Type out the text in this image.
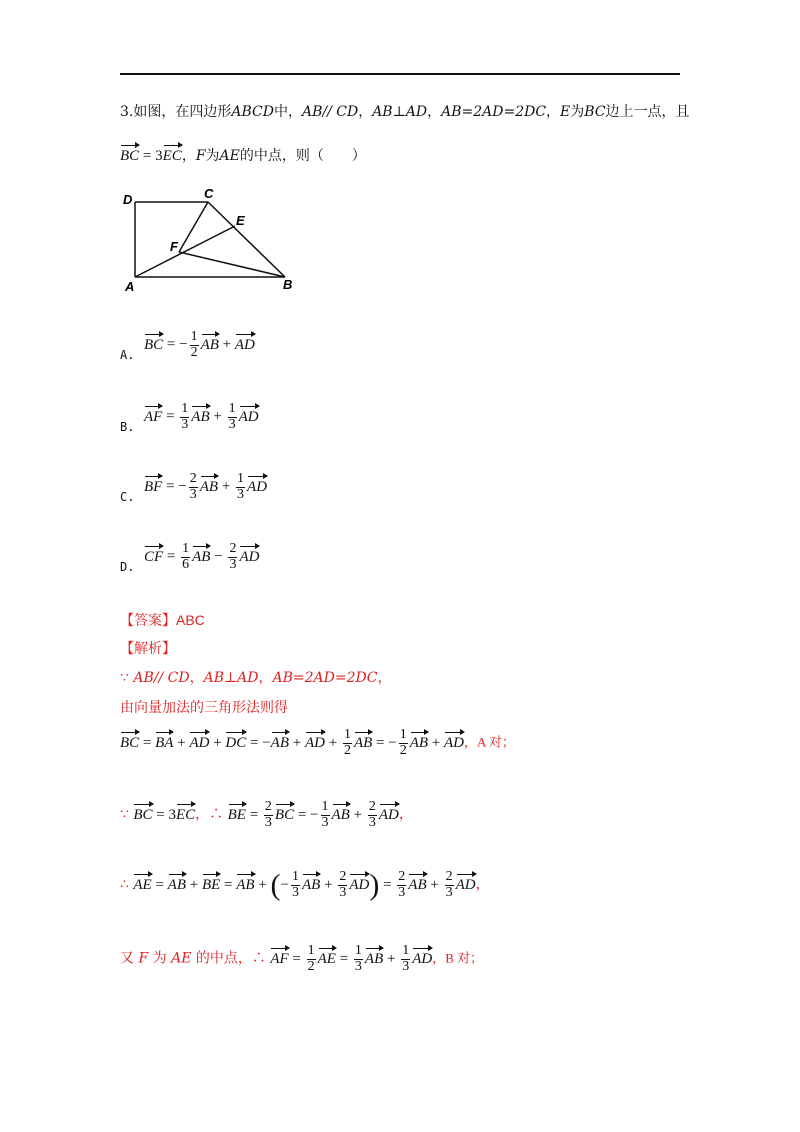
3.如图，在四边形ABCD中，AB// CD，AB⊥AD，AB=2AD=2DC，E为BC边上一点，且
BC = 3EC，F为AE的中点，则（　　）
D	C
E
F
A	B
A.
BC = − $\frac{1}{2}$ AB + AD
B.
AF = $\frac{1}{3}$ AB + $\frac{1}{3}$ AD
C.
BF = − $\frac{2}{3}$ AB + $\frac{1}{3}$ AD
D.
CF = $\frac{1}{6}$ AB − $\frac{2}{3}$ AD
【答案】ABC
【解析】
∵ AB// CD，AB⊥AD，AB=2AD=2DC，
由向量加法的三角形法则得
BC = BA + AD + DC = −AB + AD + $\frac{1}{2}$ AB = − $\frac{1}{2}$ AB + AD，A 对；
∵ BC = 3EC，∴ BE = $\frac{2}{3}$ BC = − $\frac{1}{3}$ AB + $\frac{2}{3}$ AD，
∴ AE = AB + BE = AB + (− $\frac{1}{3}$ AB + $\frac{2}{3} AD) = \frac{2}{3}$ AB + $\frac{2}{3}$ AD，
又 F 为 AE 的中点，∴ AF = $\frac{1}{2}$ AE = $\frac{1}{3}$ AB + $\frac{1}{3}$ AD，B 对；
